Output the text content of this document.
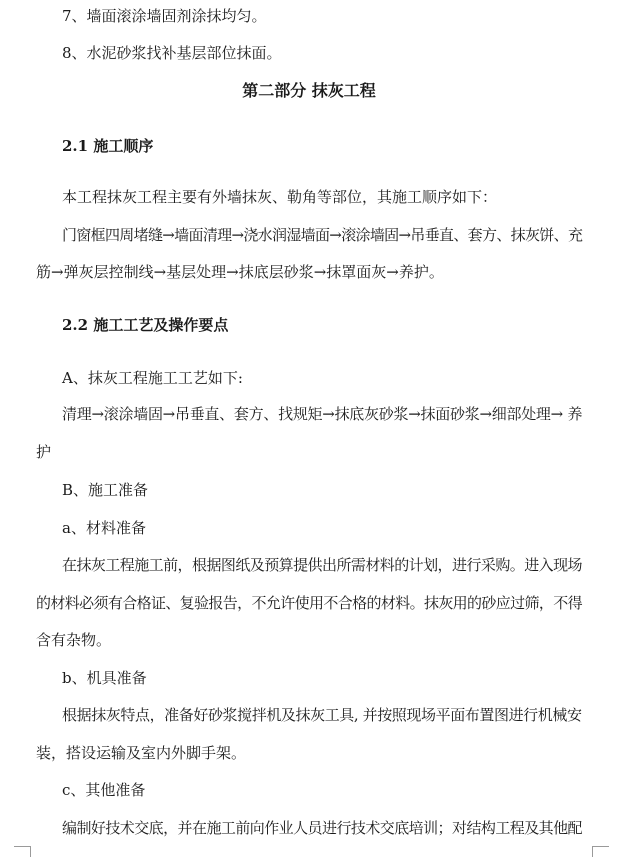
7、墙面滚涂墙固剂涂抹均匀。
8、水泥砂浆找补基层部位抹面。
第二部分 抹灰工程
2.1 施工顺序
本工程抹灰工程主要有外墙抹灰、勒角等部位，其施工顺序如下：
门窗框四周堵缝→墙面清理→浇水润湿墙面→滚涂墙固→吊垂直、套方、抹灰饼、充
筋→弹灰层控制线→基层处理→抹底层砂浆→抹罩面灰→养护。
2.2 施工工艺及操作要点
A、抹灰工程施工工艺如下:
清理→滚涂墙固→吊垂直、套方、找规矩→抹底灰砂浆→抹面砂浆→细部处理→ 养
护
B、施工准备
a、材料准备
在抹灰工程施工前，根据图纸及预算提供出所需材料的计划，进行采购。进入现场
的材料必须有合格证、复验报告，不允许使用不合格的材料。抹灰用的砂应过筛，不得
含有杂物。
b、机具准备
根据抹灰特点，准备好砂浆搅拌机及抹灰工具, 并按照现场平面布置图进行机械安
装，搭设运输及室内外脚手架。
c、其他准备
编制好技术交底，并在施工前向作业人员进行技术交底培训；对结构工程及其他配
